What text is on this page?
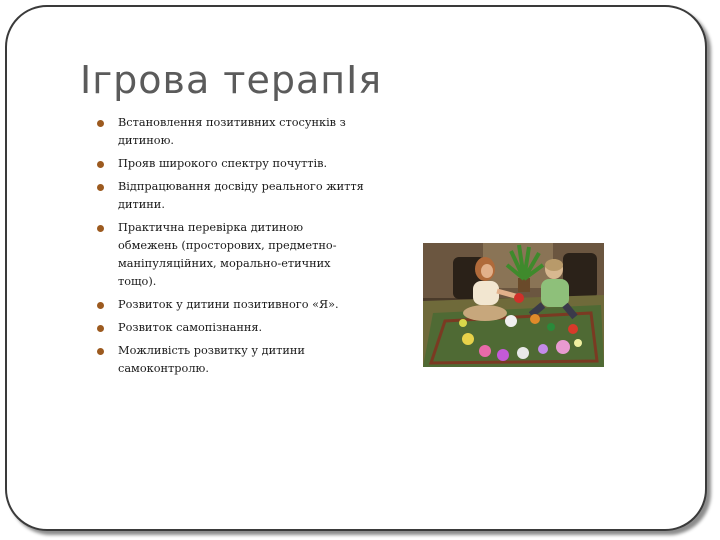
Ігрова терапІя
Встановлення позитивних стосунків з дитиною.
Прояв широкого спектру почуттів.
Відпрацювання досвіду реального життя дитини.
Практична перевірка дитиною обмежень (просторових, предметно-маніпуляційних, морально-етичних тощо).
Розвиток у дитини позитивного «Я».
Розвиток самопізнання.
Можливість розвитку у дитини самоконтролю.
